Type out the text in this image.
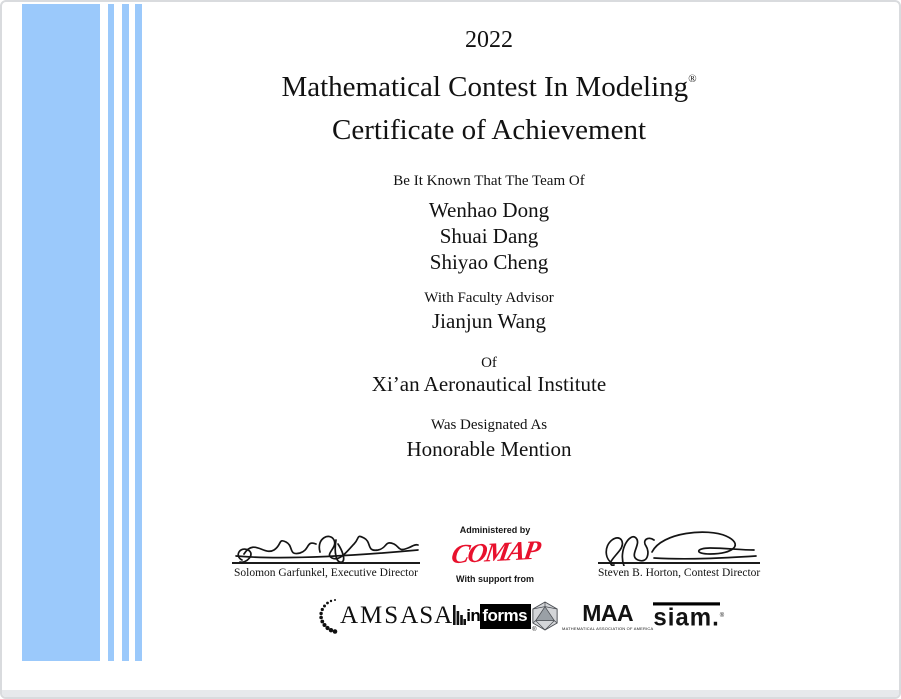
2022
Mathematical Contest In Modeling®
Certificate of Achievement
Be It Known That The Team Of
Wenhao Dong
Shuai Dang
Shiyao Cheng
With Faculty Advisor
Jianjun Wang
Of
Xi’an Aeronautical Institute
Was Designated As
Honorable Mention
Solomon Garfunkel, Executive Director
Administered by
COMAP
With support from	Steven B. Horton, Contest Director
AMS ASA in forms
®
MAA
MATHEMATICAL ASSOCIATION OF AMERICA siam. ®
